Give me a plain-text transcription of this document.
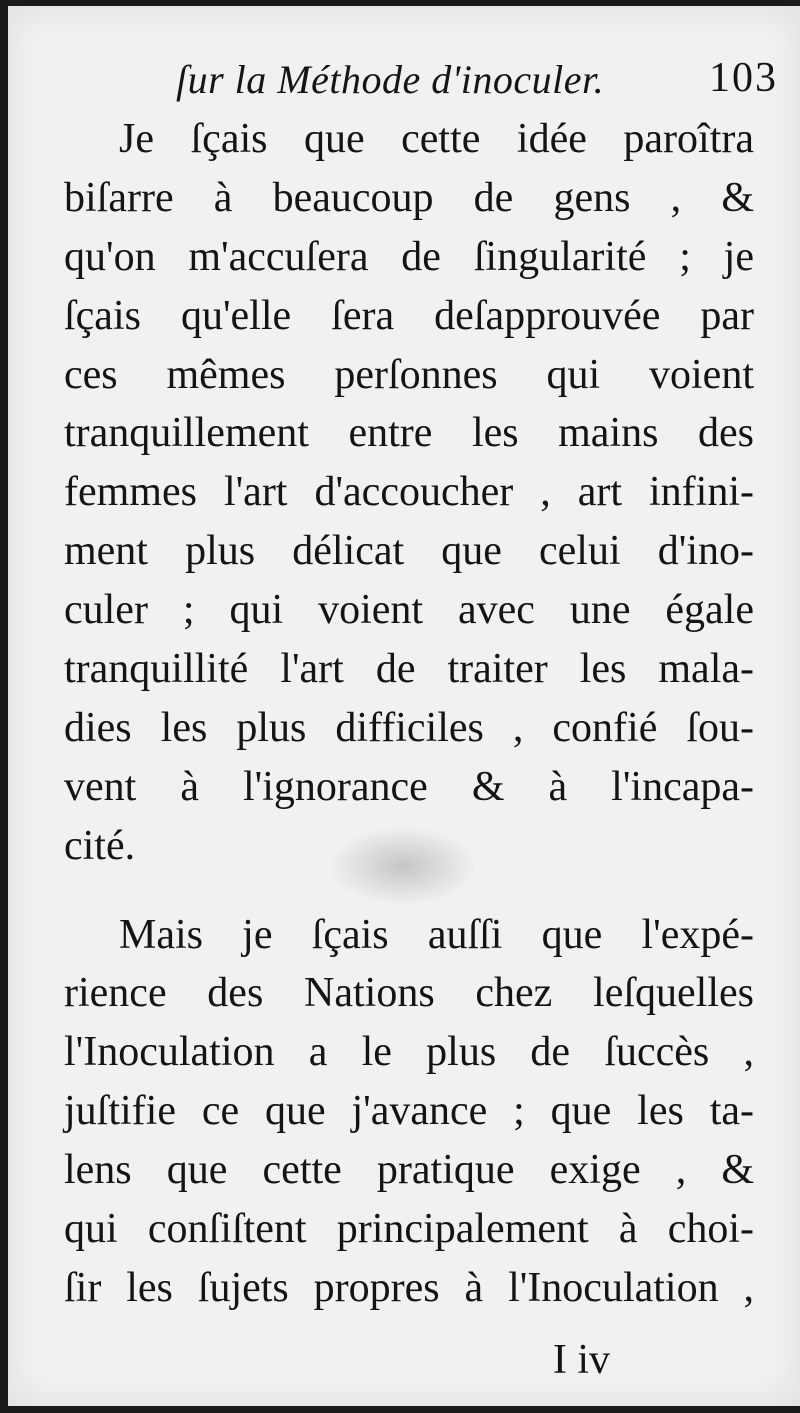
ſur la Méthode d'inoculer. 103
Je ſçais que cette idée paroîtra
biſarre à beaucoup de gens , &
qu'on m'accuſera de ſingularité ; je
ſçais qu'elle ſera deſapprouvée par
ces mêmes perſonnes qui voient
tranquillement entre les mains des
femmes l'art d'accoucher , art infini-
ment plus délicat que celui d'ino-
culer ; qui voient avec une égale
tranquillité l'art de traiter les mala-
dies les plus difficiles , confié ſou-
vent à l'ignorance & à l'incapa-
cité.
Mais je ſçais auſſi que l'expé-
rience des Nations chez leſquelles
l'Inoculation a le plus de ſuccès ,
juſtifie ce que j'avance ; que les ta-
lens que cette pratique exige , &
qui conſiſtent principalement à choi-
ſir les ſujets propres à l'Inoculation ,
I iv
